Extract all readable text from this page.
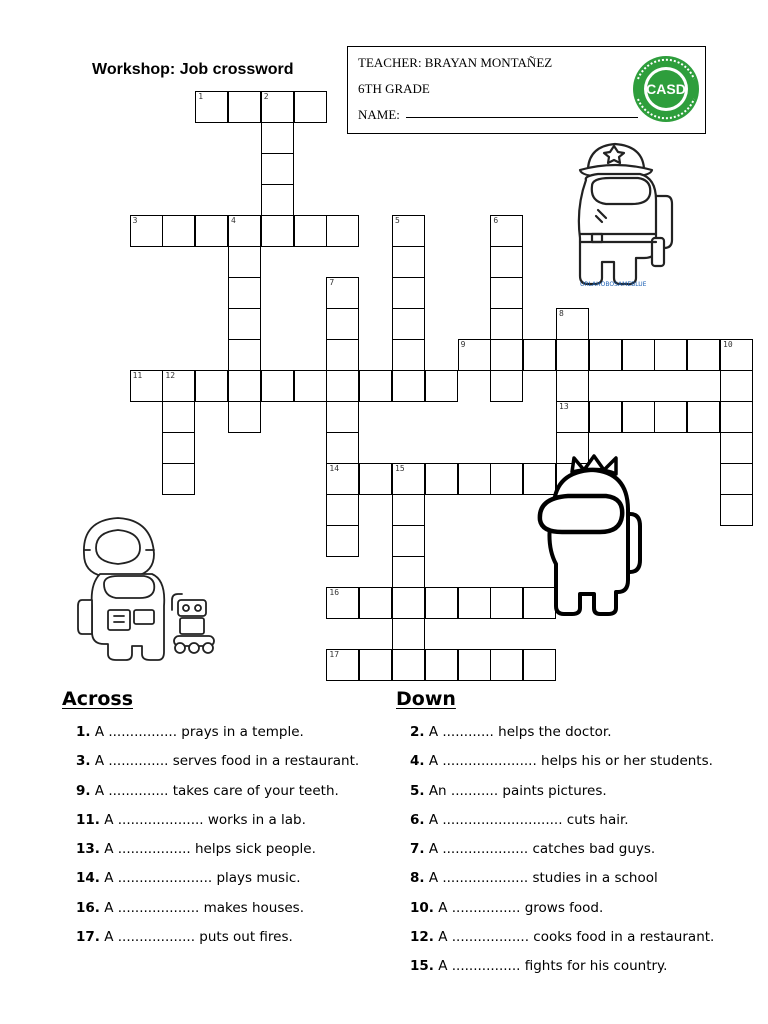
Workshop: Job crossword	TEACHER: BRAYAN MONTAÑEZ
6TH GRADE
NAME:
CASD
1	2
3	4
9
11	12
13
14	15
16
17
5	6
7
8
10
URLAHOBOSAMEBLUE
Across
1. A ................ prays in a temple.
3. A .............. serves food in a restaurant.
9. A .............. takes care of your teeth.
11. A .................... works in a lab.
13. A ................. helps sick people.
14. A ...................... plays music.
16. A ................... makes houses.
17. A .................. puts out fires.
Down
2. A ............ helps the doctor.
4. A ...................... helps his or her students.
5. An ........... paints pictures.
6. A ............................ cuts hair.
7. A .................... catches bad guys.
8. A .................... studies in a school
10. A ................ grows food.
12. A .................. cooks food in a restaurant.
15. A ................ fights for his country.
